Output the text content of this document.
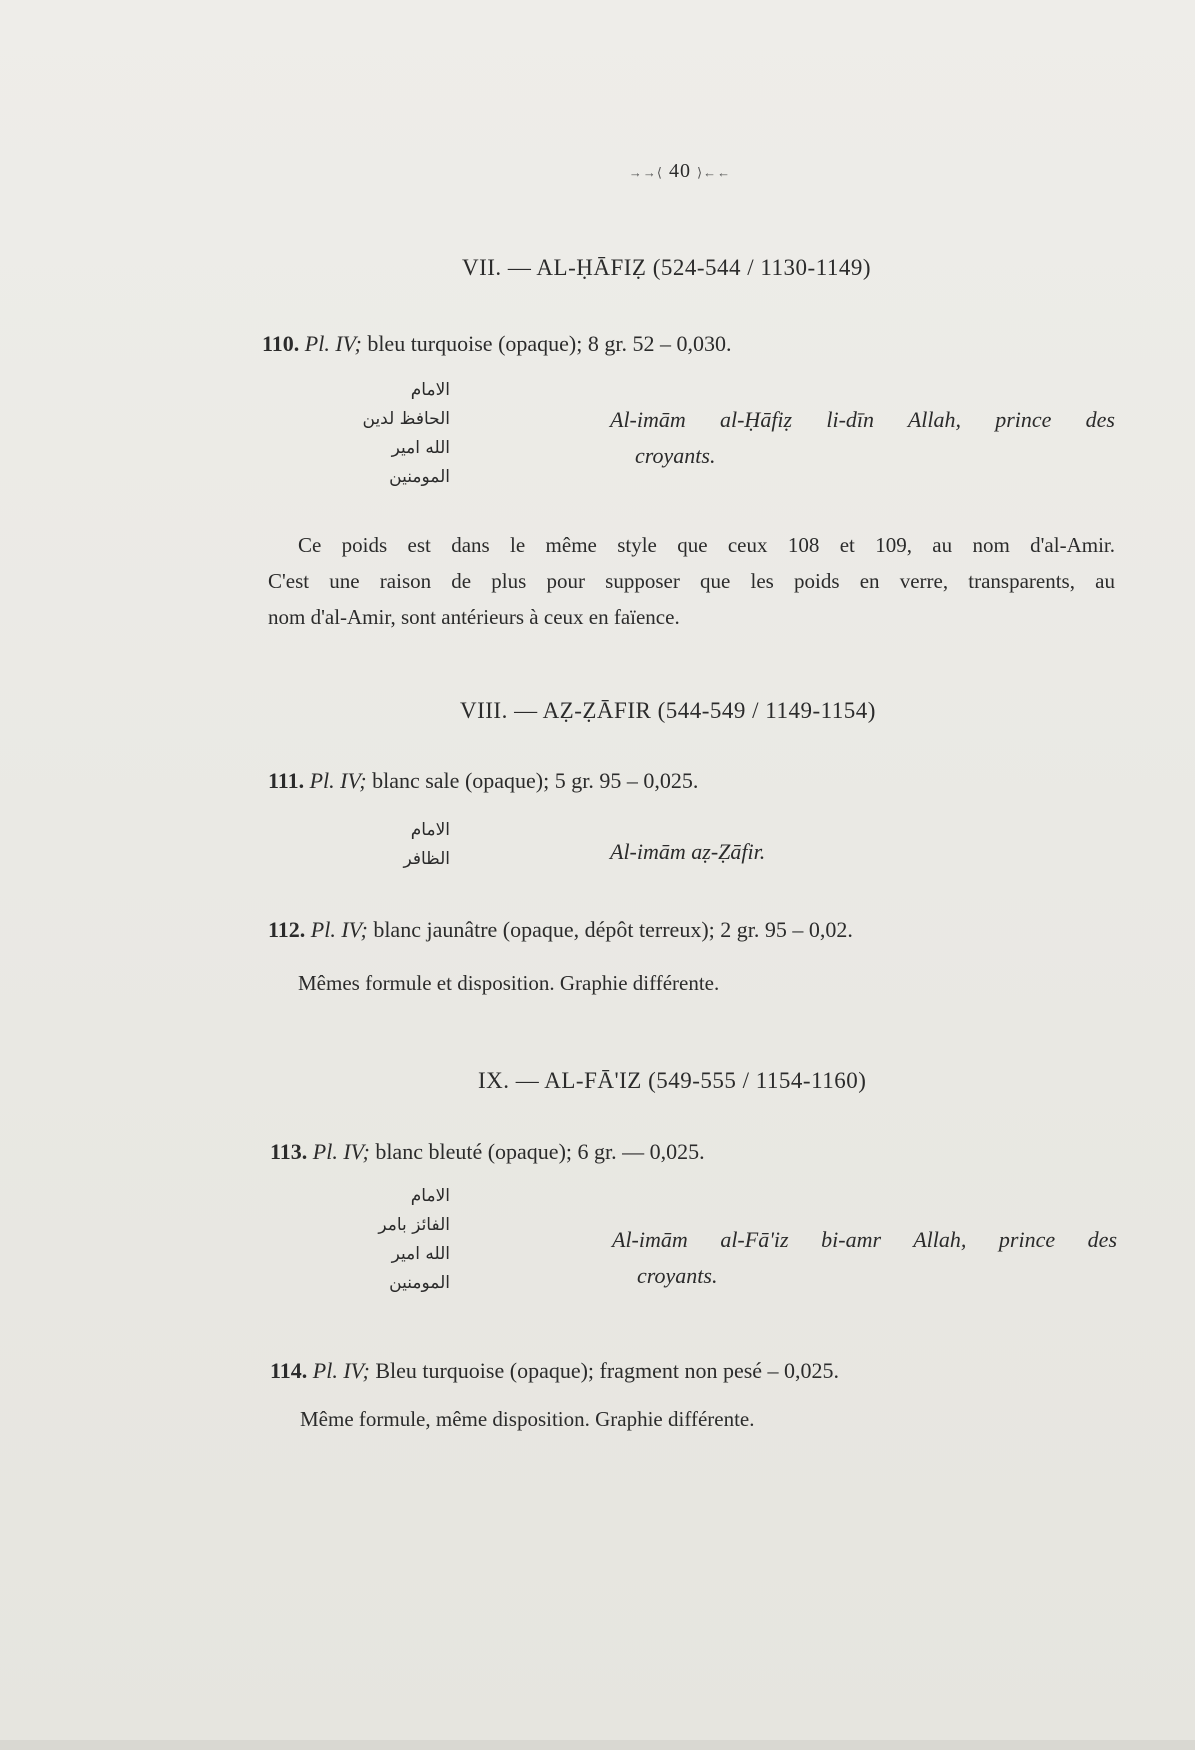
→→⟨ 40 ⟩←←
VII. — AL-ḤĀFIẒ (524-544 / 1130-1149)
110. Pl. IV; bleu turquoise (opaque); 8 gr. 52 – 0,030.
الامام
الحافظ لدين
الله امير
المومنين
Al-imām al-Ḥāfiẓ li-dīn Allah, prince des
croyants.
Ce poids est dans le même style que ceux 108 et 109, au nom d'al-Amir.
C'est une raison de plus pour supposer que les poids en verre, transparents, au
nom d'al-Amir, sont antérieurs à ceux en faïence.
VIII. — AẒ-ẒĀFIR (544-549 / 1149-1154)
111. Pl. IV; blanc sale (opaque); 5 gr. 95 – 0,025.
الامام
الظافر	Al-imām aẓ-Ẓāfir.
112. Pl. IV; blanc jaunâtre (opaque, dépôt terreux); 2 gr. 95 – 0,02.
Mêmes formule et disposition. Graphie différente.
IX. — AL-FĀ'IZ (549-555 / 1154-1160)
113. Pl. IV; blanc bleuté (opaque); 6 gr. — 0,025.
الامام
الفائز بامر
الله امير
المومنين
Al-imām al-Fā'iz bi-amr Allah, prince des
croyants.
114. Pl. IV; Bleu turquoise (opaque); fragment non pesé – 0,025.
Même formule, même disposition. Graphie différente.
